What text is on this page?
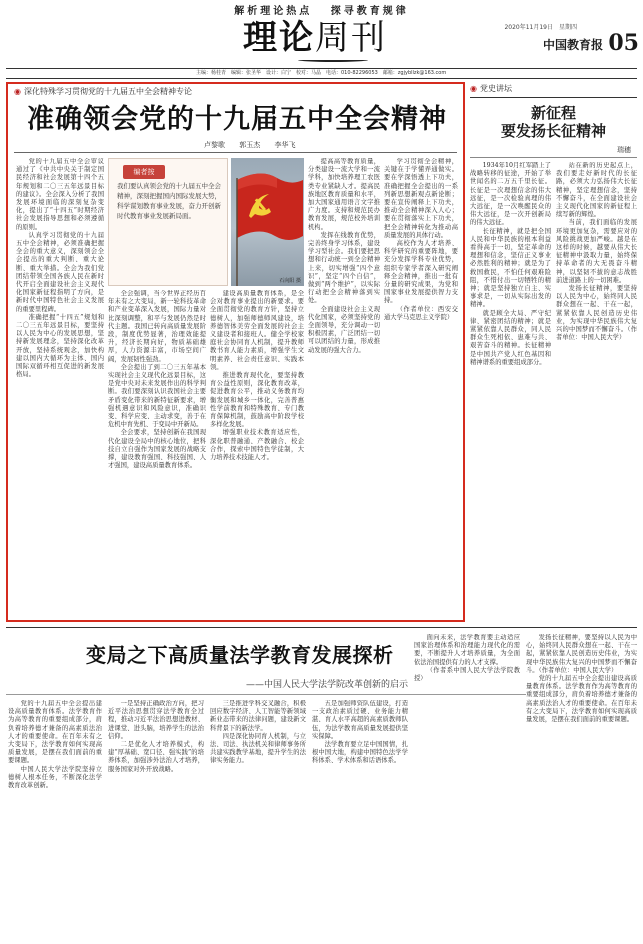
解析理论热点 探寻教育规律
理论周刊	2020年11月19日　星期四
中国教育报 05
主编：杨桂青　编辑：张圣华　设计：白宁　校对：马晶　电话：010-82296053　邮箱：zgjybllzk@163.com
◉ 深化特殊学习贯彻党的十九届五中全会精神专论
准确领会党的十九届五中全会精神
卢黎歌 郭玉杰 李华飞

党的十九届五中全会审议通过了《中共中央关于制定国民经济和社会发展第十四个五年规划和二〇三五年远景目标的建议》。全会深入分析了我国发展环境面临的深刻复杂变化，提出了“十四五”时期经济社会发展指导思想和必须遵循的原则。

认真学习贯彻党的十九届五中全会精神，必须准确把握全会的重大意义，深刻领会全会提出的重大判断、重大论断、重大举措。全会为我们党团结带领全国各族人民在新时代开启全面建设社会主义现代化国家新征程指明了方向，是新时代中国特色社会主义发展的重要里程碑。

准确把握“十四五”规划和二〇三五年远景目标，要坚持以人民为中心的发展思想，坚持新发展理念，坚持深化改革开放，坚持系统观念，加快构建以国内大循环为主体、国内国际双循环相互促进的新发展格局。

编者按
我们要认真领会党的十九届五中全会精神，深刻把握国内国际发展大势，科学谋划教育事业发展，奋力开创新时代教育事业发展新局面。
石向阳 摄

全会强调，当今世界正经历百年未有之大变局，新一轮科技革命和产业变革深入发展，国际力量对比深刻调整，和平与发展仍然是时代主题。我国已转向高质量发展阶段，制度优势显著，治理效能提升，经济长期向好，物质基础雄厚，人力资源丰富，市场空间广阔，发展韧性强劲。

全会提出了到二〇三五年基本实现社会主义现代化远景目标，这是党中央对未来发展作出的科学判断。我们要深刻认识我国社会主要矛盾变化带来的新特征新要求，增强机遇意识和风险意识，准确识变、科学应变、主动求变，善于在危机中育先机、于变局中开新局。

全会要求，坚持创新在我国现代化建设全局中的核心地位，把科技自立自强作为国家发展的战略支撑，建设教育强国、科技强国、人才强国，建设高质量教育体系。

建设高质量教育体系，是全会对教育事业提出的新要求。要全面贯彻党的教育方针，坚持立德树人，加强师德师风建设，培养德智体美劳全面发展的社会主义建设者和接班人。健全学校家庭社会协同育人机制，提升教师教书育人能力素质，增强学生文明素养、社会责任意识、实践本领。

推进教育现代化，要坚持教育公益性原则，深化教育改革，促进教育公平，推动义务教育均衡发展和城乡一体化，完善普惠性学前教育和特殊教育、专门教育保障机制，鼓励高中阶段学校多样化发展。

增强职业技术教育适应性，深化职普融通、产教融合、校企合作，探索中国特色学徒制，大力培养技术技能人才。

提高高等教育质量，分类建设一流大学和一流学科，加快培养理工农医类专业紧缺人才。提高民族地区教育质量和水平，加大国家通用语言文字推广力度。支持和规范民办教育发展，规范校外培训机构。

发挥在线教育优势，完善终身学习体系，建设学习型社会。我们要把思想和行动统一到全会精神上来，切实增强“四个意识”，坚定“四个自信”，做到“两个维护”，以实际行动把全会精神落到实处。

全面建设社会主义现代化国家，必须坚持党的全面领导，充分调动一切积极因素，广泛团结一切可以团结的力量，形成推动发展的强大合力。

学习贯彻全会精神，关键在于学懂弄通做实。要在学深悟透上下功夫，准确把握全会提出的一系列新思想新观点新论断；要在宣传阐释上下功夫，推动全会精神深入人心；要在贯彻落实上下功夫，把全会精神转化为推动高质量发展的具体行动。

高校作为人才培养、科学研究的重要阵地，要充分发挥学科专业优势，组织专家学者深入研究阐释全会精神，推出一批有分量的研究成果，为党和国家事业发展提供智力支持。

（作者单位：西安交通大学马克思主义学院）

◉ 党史讲坛
新征程
要发扬长征精神
瑞穗

1934年10月红军踏上了战略转移的征途，开始了举世闻名的二万五千里长征。长征是一次理想信念的伟大远征，是一次检验真理的伟大远征，是一次唤醒民众的伟大远征，是一次开创新局的伟大远征。

长征精神，就是把全国人民和中华民族的根本利益看得高于一切，坚定革命的理想和信念，坚信正义事业必然胜利的精神；就是为了救国救民，不怕任何艰难险阻，不惜付出一切牺牲的精神；就是坚持独立自主、实事求是，一切从实际出发的精神。

就是顾全大局、严守纪律、紧密团结的精神；就是紧紧依靠人民群众，同人民群众生死相依、患难与共、艰苦奋斗的精神。长征精神是中国共产党人红色基因和精神谱系的重要组成部分。

站在新的历史起点上，我们要走好新时代的长征路，必须大力弘扬伟大长征精神，坚定理想信念，坚持不懈奋斗，在全面建设社会主义现代化国家的新征程上续写新的辉煌。

当前，我们面临的发展环境更加复杂，需要应对的风险挑战更加严峻。越是在这样的时候，越要从伟大长征精神中汲取力量，始终保持革命者的大无畏奋斗精神，以坚韧不拔的意志战胜前进道路上的一切困难。

发扬长征精神，要坚持以人民为中心，始终同人民群众想在一起、干在一起，紧紧依靠人民创造历史伟业，为实现中华民族伟大复兴的中国梦而不懈奋斗。（作者单位：中国人民大学）

变局之下高质量法学教育发展探析
——中国人民大学法学院改革创新的启示

党的十九届五中全会提出建设高质量教育体系。法学教育作为高等教育的重要组成部分，肩负着培养德才兼备的高素质法治人才的重要使命。在百年未有之大变局下，法学教育如何实现高质量发展，是摆在我们面前的重要课题。

中国人民大学法学院坚持立德树人根本任务，不断深化法学教育改革创新。

一是坚持正确政治方向，把习近平法治思想贯穿法学教育全过程，推动习近平法治思想进教材、进课堂、进头脑，培养学生的法治信仰。

二是优化人才培养模式，构建“厚基础、宽口径、强实践”的培养体系，加强涉外法治人才培养，服务国家对外开放战略。

三是推进学科交叉融合，积极回应数字经济、人工智能等新领域新业态带来的法律问题，建设新文科背景下的新法学。

四是深化协同育人机制，与立法、司法、执法机关和律师事务所共建实践教学基地，提升学生的法律实务能力。

五是加强师资队伍建设，打造一支政治素质过硬、业务能力精湛、育人水平高超的高素质教师队伍，为法学教育高质量发展提供坚实保障。

法学教育要立足中国国情，扎根中国大地，构建中国特色法学学科体系、学术体系和话语体系。

面向未来，法学教育要主动适应国家治理体系和治理能力现代化的需要，不断提升人才培养质量，为全面依法治国提供有力的人才支撑。

（作者系中国人民大学法学院教授）

发扬长征精神，要坚持以人民为中心，始终同人民群众想在一起、干在一起，紧紧依靠人民创造历史伟业，为实现中华民族伟大复兴的中国梦而不懈奋斗。（作者单位：中国人民大学）

党的十九届五中全会提出建设高质量教育体系。法学教育作为高等教育的重要组成部分，肩负着培养德才兼备的高素质法治人才的重要使命。在百年未有之大变局下，法学教育如何实现高质量发展，是摆在我们面前的重要课题。
